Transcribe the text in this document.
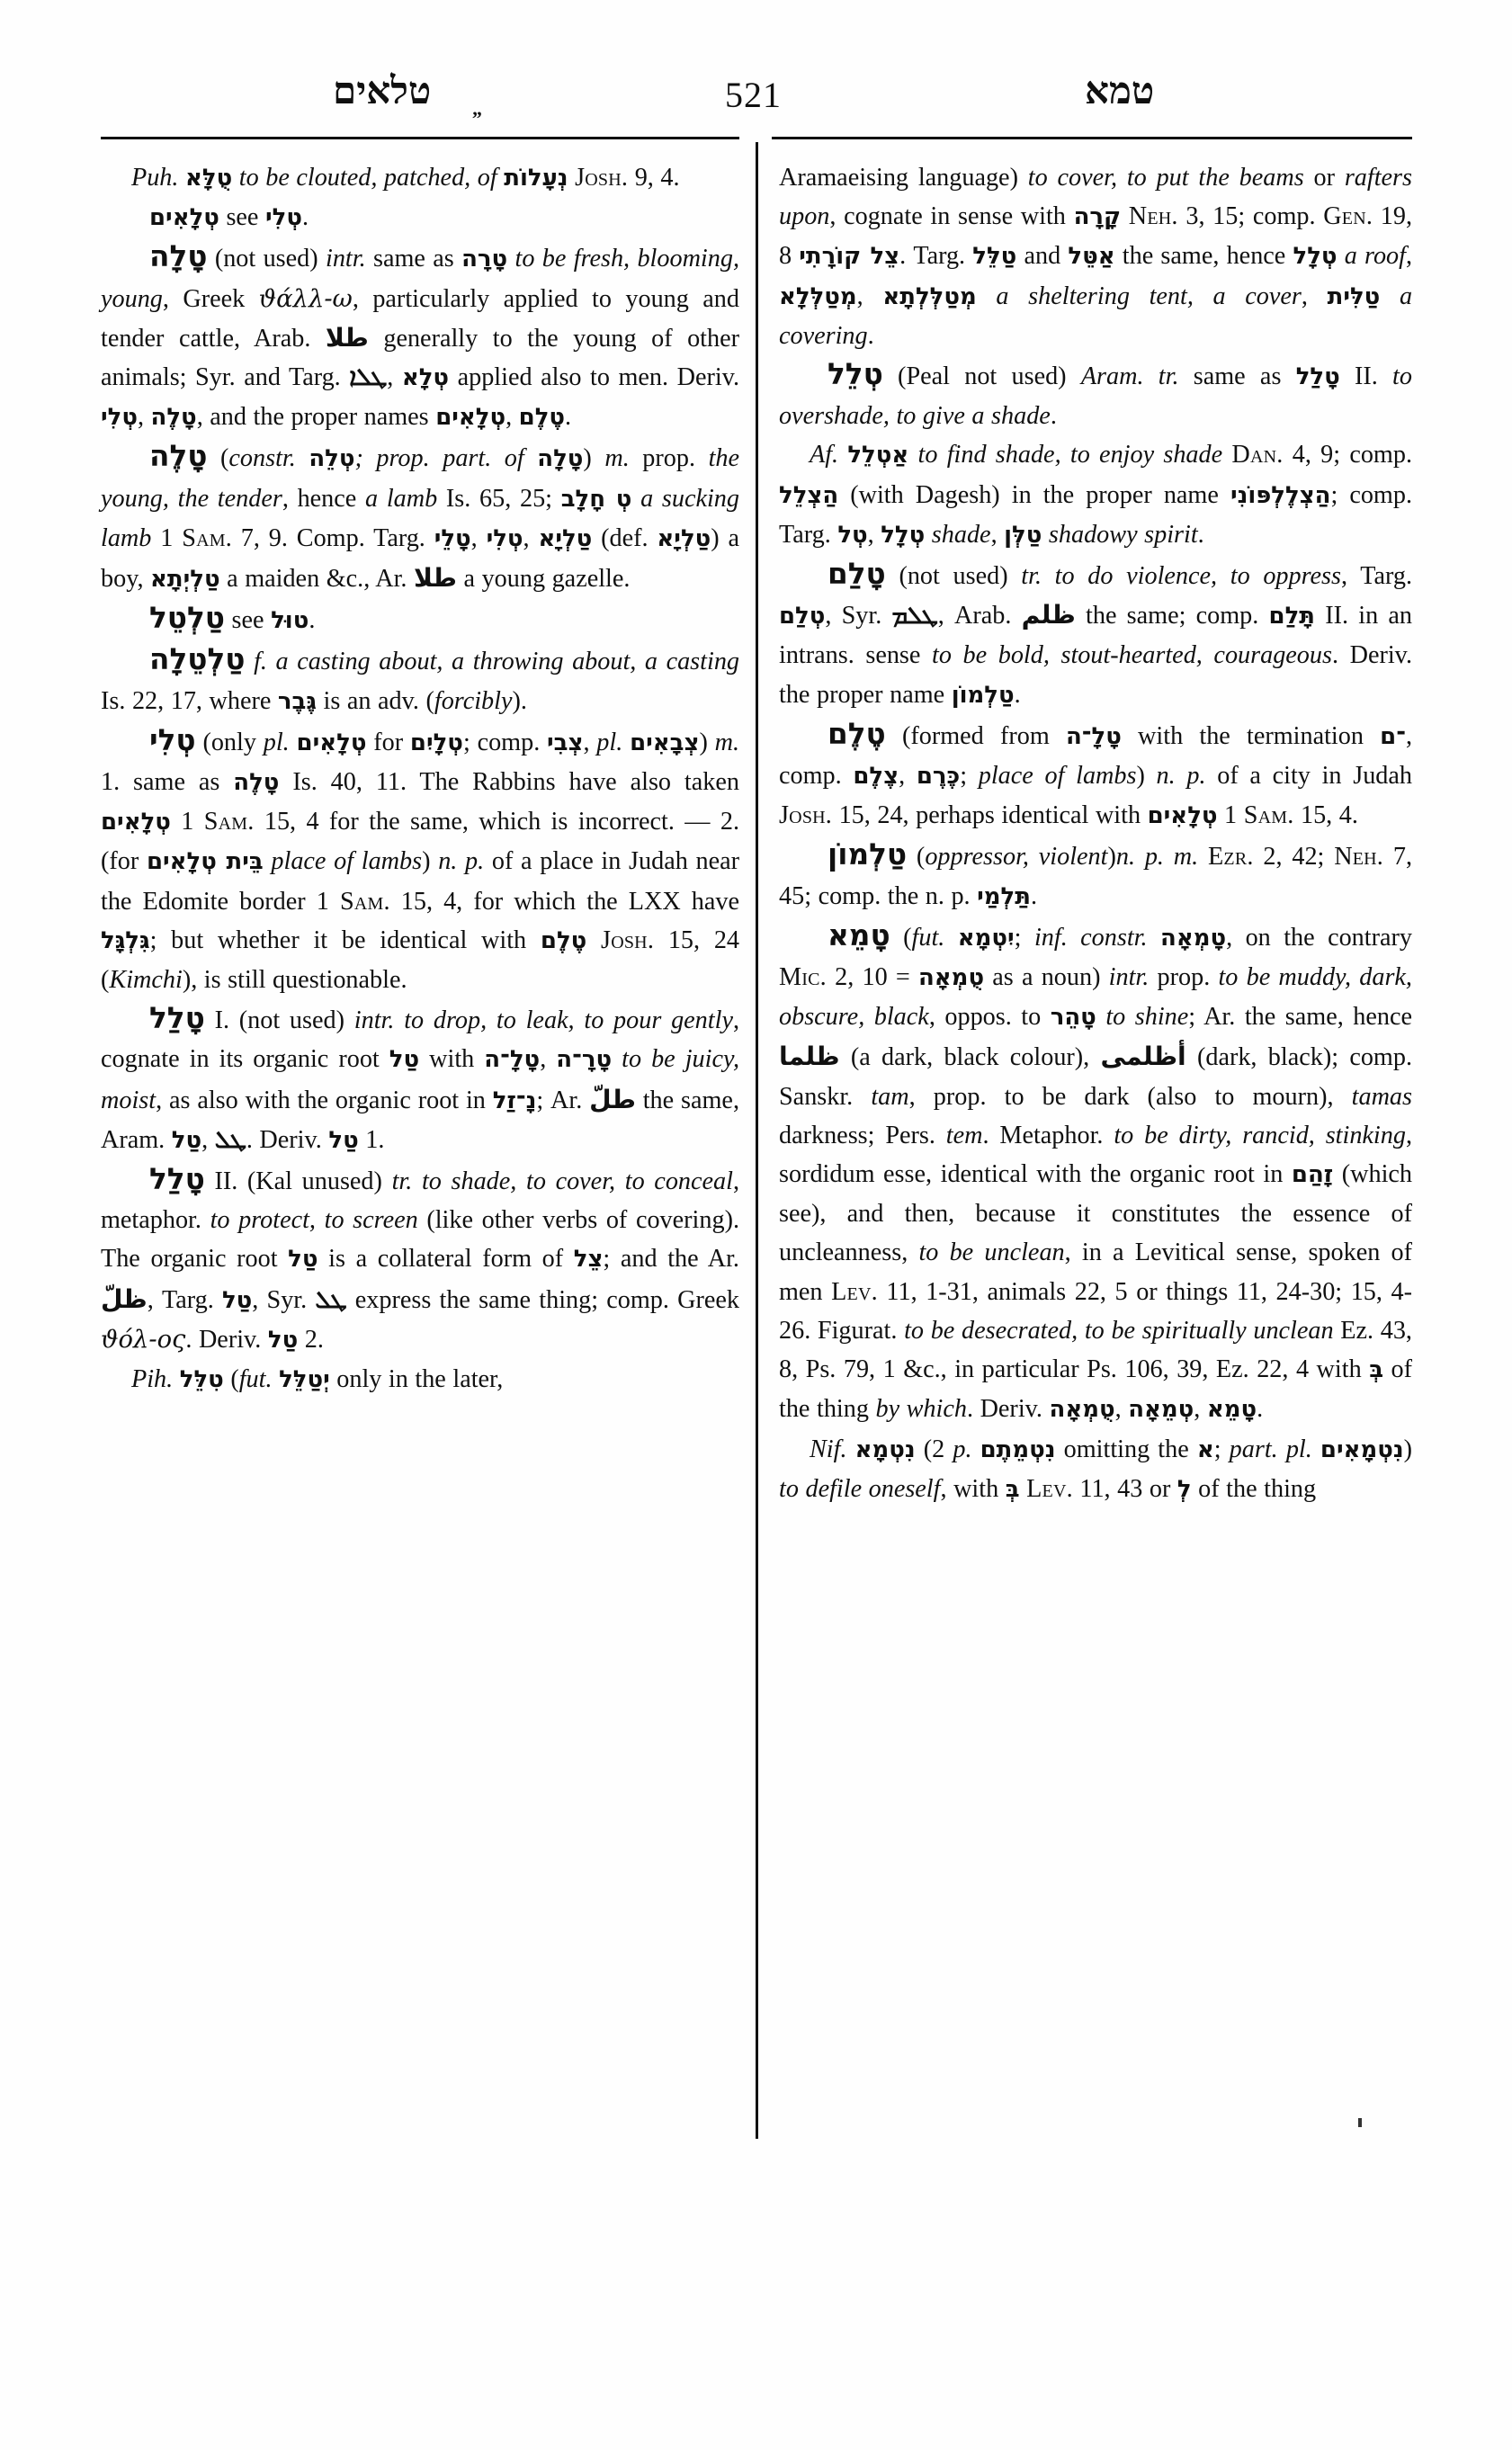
טלאים „	521	טמא

Puh. טֻלָּא to be clouted, patched, of נְעָלוֹת Josh. 9, 4.

טְלָאִים see טְלִי.

טָלָה (not used) intr. same as טָרָה to be fresh, blooming, young, Greek ϑάλλ-ω, particularly applied to young and tender cattle, Arab. طلا generally to the young of other animals; Syr. and Targ. ܛܠܐ, טְלָא applied also to men. Deriv. טְלִי, טָלֶה, and the proper names טְלָאִים, טֶלֶם.

טָלֶה (constr. טְלֵה; prop. part. of טָלָה) m. prop. the young, the tender, hence a lamb Is. 65, 25; טְ חָלָב a sucking lamb 1 Sam. 7, 9. Comp. Targ. טָלֵי, טְלִי, טַלְיָא (def. טַלְיָא) a boy, טַלְיְתָא a maiden &c., Ar. طلا a young gazelle.

טַלְטֵל see טוּל.

טַלְטֵלָה f. a casting about, a throwing about, a casting Is. 22, 17, where גֶּבֶר is an adv. (forcibly).

טְלִי (only pl. טְלָאִים for טְלָיִם; comp. צְבִי, pl. צְבָאִים) m. 1. same as טָלֶה Is. 40, 11. The Rabbins have also taken טְלָאִים 1 Sam. 15, 4 for the same, which is incorrect. — 2. (for בֵּית טְלָאִים place of lambs) n. p. of a place in Judah near the Edomite border 1 Sam. 15, 4, for which the LXX have גִּלְגָּל; but whether it be identical with טֶלֶם Josh. 15, 24 (Kimchi), is still questionable.

טָלַל I. (not used) intr. to drop, to leak, to pour gently, cognate in its organic root טַל with טָלָ־ה, טָרָ־ה to be juicy, moist, as also with the organic root in נָ־זַל; Ar. طلّ the same, Aram. טַל, ܛܠ. Deriv. טַל 1.

טָלַל II. (Kal unused) tr. to shade, to cover, to conceal, metaphor. to protect, to screen (like other verbs of covering). The organic root טַל is a collateral form of צֵל; and the Ar. ظلّ, Targ. טַל, Syr. ܛܠ express the same thing; comp. Greek ϑόλ-ος. Deriv. טַל 2.

Pih. טִלֵּל (fut. יְטַלֵּל only in the later,

Aramaeising language) to cover, to put the beams or rafters upon, cognate in sense with קָרָה Neh. 3, 15; comp. Gen. 19, 8 צֵל קוֹרָתִי. Targ. טַלֵּל and אַטֵּל the same, hence טְלָל a roof, מְטַלְּלָא, מְטַלְּלְתָא a sheltering tent, a cover, טַלִּית a covering.

טְלֵל (Peal not used) Aram. tr. same as טָלַל II. to overshade, to give a shade.

Af. אַטְלֵל to find shade, to enjoy shade Dan. 4, 9; comp. הַצְלֵל (with Dagesh) in the proper name הַצְלֶלְפּוֹנִי; comp. Targ. טְל, טְלָל shade, טַלְּן shadowy spirit.

טָלַם (not used) tr. to do violence, to oppress, Targ. טְלַם, Syr. ܛܠܡ, Arab. ظلم the same; comp. תָּלַם II. in an intrans. sense to be bold, stout-hearted, courageous. Deriv. the proper name טַלְמוֹן.

טֶלֶם (formed from טָלָ־ה with the termination ־ם, comp. צֶלֶם, כֶּרֶם; place of lambs) n. p. of a city in Judah Josh. 15, 24, perhaps identical with טְלָאִים 1 Sam. 15, 4.

טַלְמוֹן (oppressor, violent)n. p. m. Ezr. 2, 42; Neh. 7, 45; comp. the n. p. תַּלְמַי.

טָמֵא (fut. יִטְמָא; inf. constr. טָמְאָה, on the contrary Mic. 2, 10 = טֻמְאָה as a noun) intr. prop. to be muddy, dark, obscure, black, oppos. to טָהֵר to shine; Ar. the same, hence ظلما (a dark, black colour), أظلمى (dark, black); comp. Sanskr. tam, prop. to be dark (also to mourn), tamas darkness; Pers. tem. Metaphor. to be dirty, rancid, stinking, sordidum esse, identical with the organic root in זָהַם (which see), and then, because it constitutes the essence of uncleanness, to be unclean, in a Levitical sense, spoken of men Lev. 11, 1-31, animals 22, 5 or things 11, 24-30; 15, 4-26. Figurat. to be desecrated, to be spiritually unclean Ez. 43, 8, Ps. 79, 1 &c., in particular Ps. 106, 39, Ez. 22, 4 with בְּ of the thing by which. Deriv. טֻמְאָה, טְמֵאָה, טָמֵא.

Nif. נִטְמָא (2 p. נִטְמֵתֶם omitting the א; part. pl. נִטְמָאִים) to defile oneself, with בְּ Lev. 11, 43 or לְ of the thing
